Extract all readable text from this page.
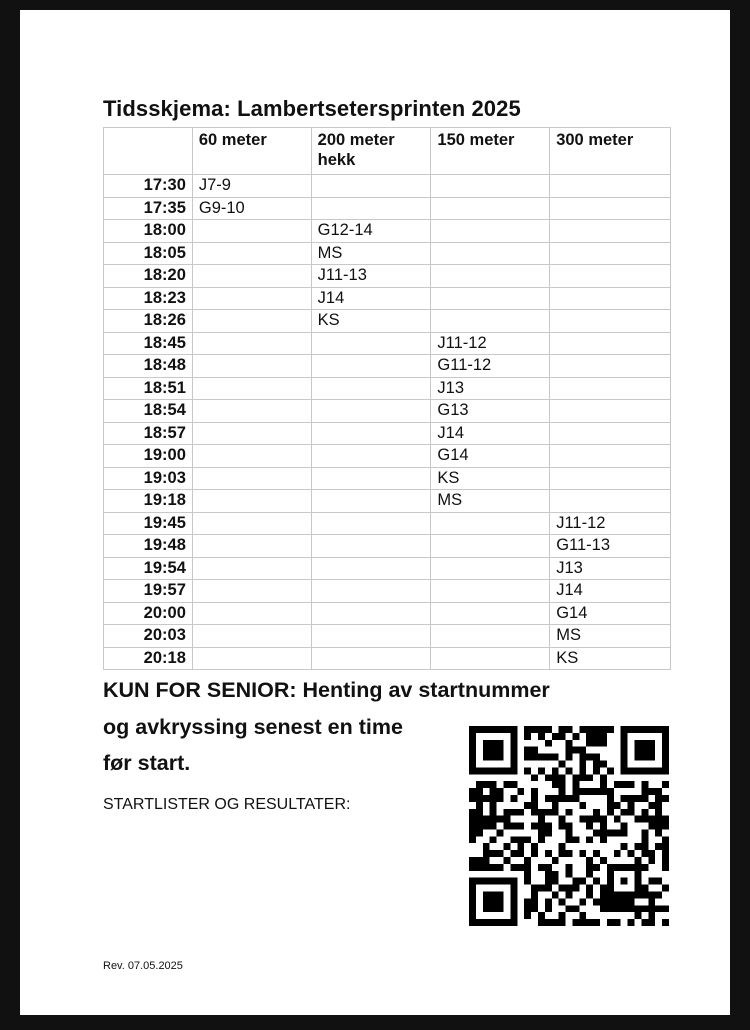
Tidsskjema: Lambertsetersprinten 2025
	60 meter	200 meter hekk	150 meter	300 meter
17:30	J7-9			
17:35	G9-10			
18:00		G12-14		
18:05		MS		
18:20		J11-13		
18:23		J14		
18:26		KS		
18:45			J11-12	
18:48			G11-12	
18:51			J13	
18:54			G13	
18:57			J14	
19:00			G14	
19:03			KS	
19:18			MS	
19:45				J11-12
19:48				G11-13
19:54				J13
19:57				J14
20:00				G14
20:03				MS
20:18				KS
KUN FOR SENIOR: Henting av startnummer
og avkryssing senest en time
før start.
STARTLISTER OG RESULTATER:
Rev. 07.05.2025
